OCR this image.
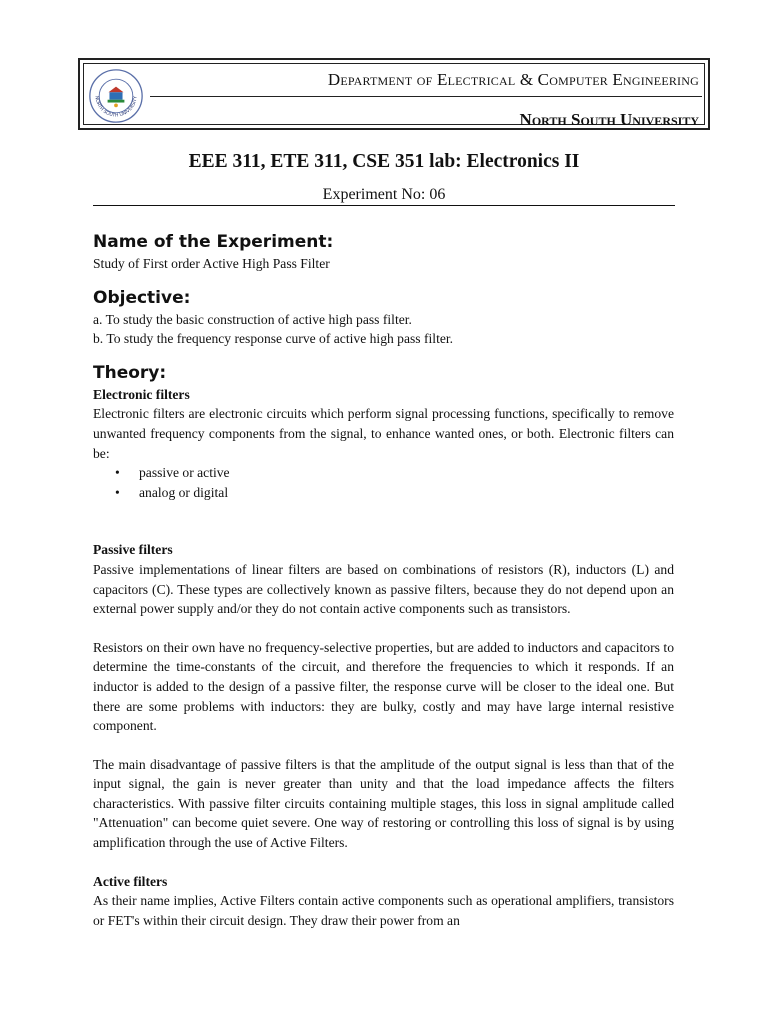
NORTH SOUTH UNIVERSITY
Department of Electrical & Computer Engineering
North South University
EEE 311, ETE 311, CSE 351 lab: Electronics II
Experiment No: 06
Name of the Experiment:

Study of First order Active High Pass Filter

Objective:

a. To study the basic construction of active high pass filter.

b. To study the frequency response curve of active high pass filter.

Theory:

Electronic filters

Electronic filters are electronic circuits which perform signal processing functions, specifically to remove unwanted frequency components from the signal, to enhance wanted ones, or both. Electronic filters can be:

• passive or active
• analog or digital

Passive filters

Passive implementations of linear filters are based on combinations of resistors (R), inductors (L) and capacitors (C). These types are collectively known as passive filters, because they do not depend upon an external power supply and/or they do not contain active components such as transistors.

Resistors on their own have no frequency-selective properties, but are added to inductors and capacitors to determine the time-constants of the circuit, and therefore the frequencies to which it responds. If an inductor is added to the design of a passive filter, the response curve will be closer to the ideal one. But there are some problems with inductors: they are bulky, costly and may have large internal resistive component.

The main disadvantage of passive filters is that the amplitude of the output signal is less than that of the input signal, the gain is never greater than unity and that the load impedance affects the filters characteristics. With passive filter circuits containing multiple stages, this loss in signal amplitude called "Attenuation" can become quiet severe. One way of restoring or controlling this loss of signal is by using amplification through the use of Active Filters.

Active filters

As their name implies, Active Filters contain active components such as operational amplifiers, transistors or FET's within their circuit design. They draw their power from an
